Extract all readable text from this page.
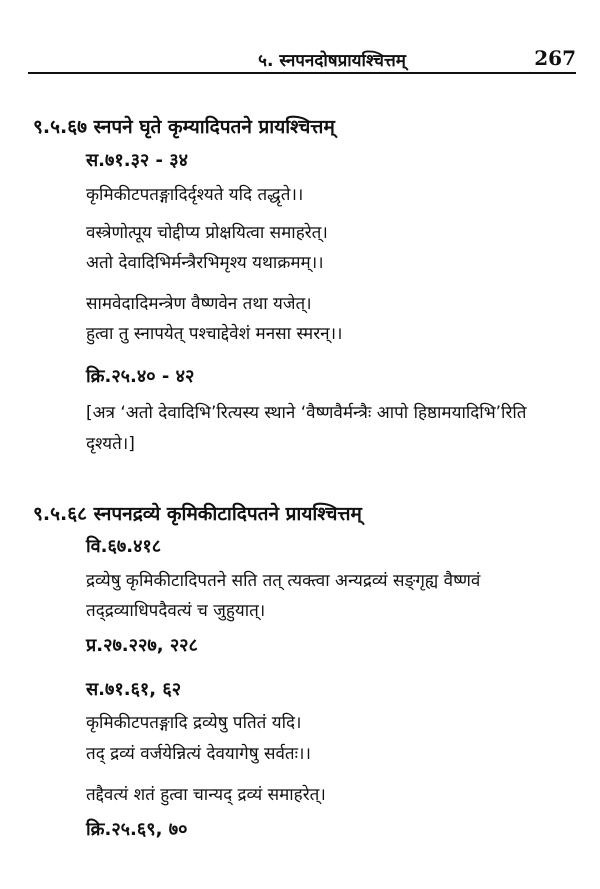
५. स्नपनदोषप्रायश्चित्तम्	267
९.५.६७ स्नपने घृते कृम्यादिपतने प्रायश्चित्तम्
स.७१.३२ - ३४
कृमिकीटपतङ्गादिर्दृश्यते यदि तद्धृते।।
वस्त्रेणोत्पूय चोद्दीप्य प्रोक्षयित्वा समाहरेत्।
अतो देवादिभिर्मन्त्रैरभिमृश्य यथाक्रमम्।।
सामवेदादिमन्त्रेण वैष्णवेन तथा यजेत्।
हुत्वा तु स्नापयेत् पश्चाद्देवेशं मनसा स्मरन्।।
क्रि.२५.४० - ४२
[अत्र ‘अतो देवादिभि’रित्यस्य स्थाने ‘वैष्णवैर्मन्त्रैः आपो हिष्ठामयादिभि’रिति
दृश्यते।]
९.५.६८ स्नपनद्रव्ये कृमिकीटादिपतने प्रायश्चित्तम्
वि.६७.४१८
द्रव्येषु कृमिकीटादिपतने सति तत् त्यक्त्वा अन्यद्रव्यं सङ्गृह्य वैष्णवं
तद्द्रव्याधिपदैवत्यं च जुहुयात्।
प्र.२७.२२७, २२८
स.७१.६१, ६२
कृमिकीटपतङ्गादि द्रव्येषु पतितं यदि।
तद् द्रव्यं वर्जयेन्नित्यं देवयागेषु सर्वतः।।
तद्दैवत्यं शतं हुत्वा चान्यद् द्रव्यं समाहरेत्।
क्रि.२५.६९, ७०
